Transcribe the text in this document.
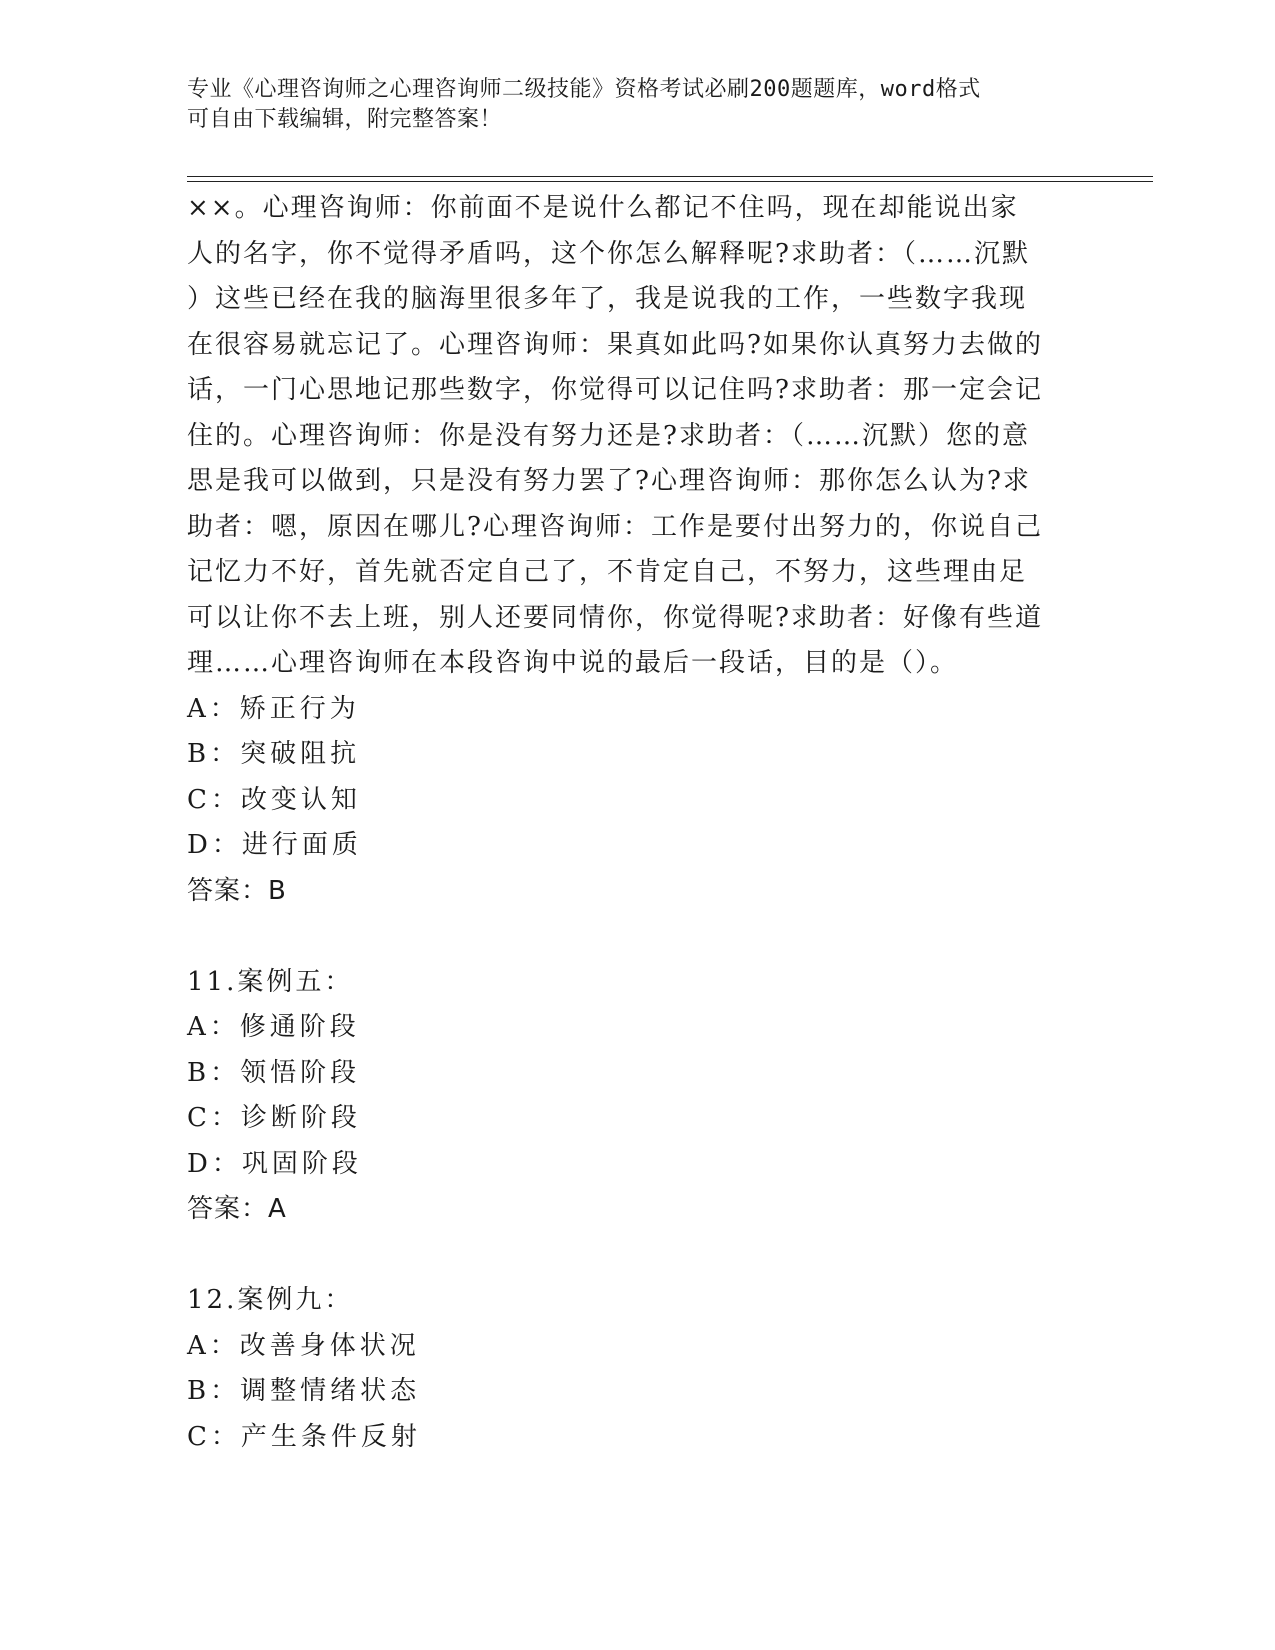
专业《心理咨询师之心理咨询师二级技能》资格考试必刷200题题库，word格式
可自由下载编辑，附完整答案！
××。心理咨询师：你前面不是说什么都记不住吗，现在却能说出家
人的名字，你不觉得矛盾吗，这个你怎么解释呢?求助者：（……沉默
）这些已经在我的脑海里很多年了，我是说我的工作，一些数字我现
在很容易就忘记了。心理咨询师：果真如此吗?如果你认真努力去做的
话，一门心思地记那些数字，你觉得可以记住吗?求助者：那一定会记
住的。心理咨询师：你是没有努力还是?求助者：（……沉默）您的意
思是我可以做到，只是没有努力罢了?心理咨询师：那你怎么认为?求
助者：嗯，原因在哪儿?心理咨询师：工作是要付出努力的，你说自己
记忆力不好，首先就否定自己了，不肯定自己，不努力，这些理由足
可以让你不去上班，别人还要同情你，你觉得呢?求助者：好像有些道
理……心理咨询师在本段咨询中说的最后一段话，目的是（）。
A：矫正行为
B：突破阻抗
C：改变认知
D：进行面质
答案：B
11.案例五：
A：修通阶段
B：领悟阶段
C：诊断阶段
D：巩固阶段
答案：A
12.案例九：
A：改善身体状况
B：调整情绪状态
C：产生条件反射
